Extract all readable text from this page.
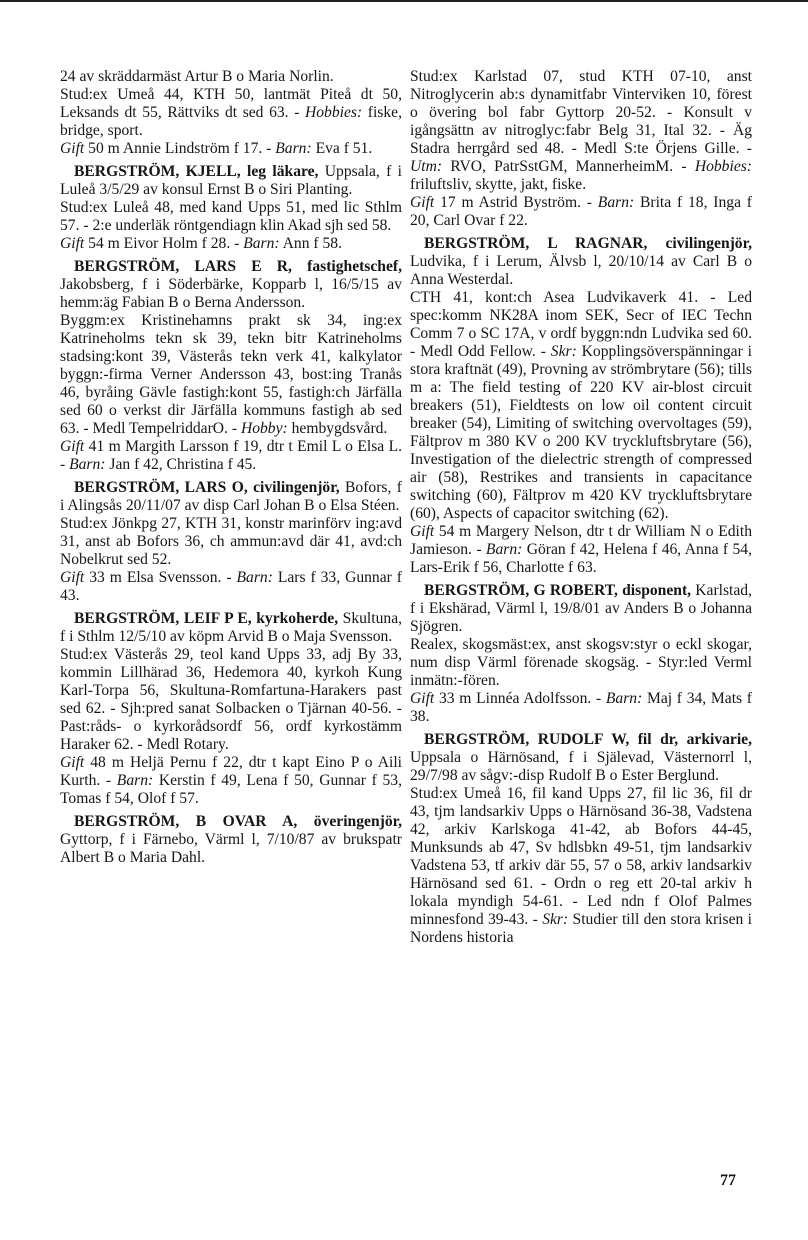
24 av skräddarmäst Artur B o Maria Norlin.

Stud:ex Umeå 44, KTH 50, lantmät Piteå dt 50, Leksands dt 55, Rättviks dt sed 63. - Hobbies: fiske, bridge, sport.

Gift 50 m Annie Lindström f 17. - Barn: Eva f 51.

BERGSTRÖM, KJELL, leg läkare, Uppsala, f i Luleå 3/5/29 av konsul Ernst B o Siri Planting.

Stud:ex Luleå 48, med kand Upps 51, med lic Sthlm 57. - 2:e underläk röntgendiagn klin Akad sjh sed 58.

Gift 54 m Eivor Holm f 28. - Barn: Ann f 58.

BERGSTRÖM, LARS E R, fastighetschef, Jakobsberg, f i Söderbärke, Kopparb l, 16/5/15 av hemm:äg Fabian B o Berna Andersson.

Byggm:ex Kristinehamns prakt sk 34, ing:ex Katrineholms tekn sk 39, tekn bitr Katrineholms stadsing:kont 39, Västerås tekn verk 41, kalkylator byggn:-firma Verner Andersson 43, bost:ing Tranås 46, byråing Gävle fastigh:kont 55, fastigh:ch Järfälla sed 60 o verkst dir Järfälla kommuns fastigh ab sed 63. - Medl TempelriddarO. - Hobby: hembygdsvård.

Gift 41 m Margith Larsson f 19, dtr t Emil L o Elsa L. - Barn: Jan f 42, Christina f 45.

BERGSTRÖM, LARS O, civilingenjör, Bofors, f i Alingsås 20/11/07 av disp Carl Johan B o Elsa Stéen.

Stud:ex Jönkpg 27, KTH 31, konstr marinförv ing:avd 31, anst ab Bofors 36, ch ammun:avd där 41, avd:ch Nobelkrut sed 52.

Gift 33 m Elsa Svensson. - Barn: Lars f 33, Gunnar f 43.

BERGSTRÖM, LEIF P E, kyrkoherde, Skultuna, f i Sthlm 12/5/10 av köpm Arvid B o Maja Svensson.

Stud:ex Västerås 29, teol kand Upps 33, adj By 33, kommin Lillhärad 36, Hedemora 40, kyrkoh Kung Karl-Torpa 56, Skultuna-Romfartuna-Harakers past sed 62. - Sjh:pred sanat Solbacken o Tjärnan 40-56. - Past:råds- o kyrkorådsordf 56, ordf kyrkostämm Haraker 62. - Medl Rotary.

Gift 48 m Heljä Pernu f 22, dtr t kapt Eino P o Aili Kurth. - Barn: Kerstin f 49, Lena f 50, Gunnar f 53, Tomas f 54, Olof f 57.

BERGSTRÖM, B OVAR A, överingenjör, Gyttorp, f i Färnebo, Värml l, 7/10/87 av brukspatr Albert B o Maria Dahl.

Stud:ex Karlstad 07, stud KTH 07-10, anst Nitroglycerin ab:s dynamitfabr Vinterviken 10, förest o övering bol fabr Gyttorp 20-52. - Konsult v igångsättn av nitroglyc:fabr Belg 31, Ital 32. - Äg Stadra herrgård sed 48. - Medl S:te Örjens Gille. - Utm: RVO, PatrSstGM, MannerheimM. - Hobbies: friluftsliv, skytte, jakt, fiske.

Gift 17 m Astrid Byström. - Barn: Brita f 18, Inga f 20, Carl Ovar f 22.

BERGSTRÖM, L RAGNAR, civilingenjör, Ludvika, f i Lerum, Älvsb l, 20/10/14 av Carl B o Anna Westerdal.

CTH 41, kont:ch Asea Ludvikaverk 41. - Led spec:komm NK28A inom SEK, Secr of IEC Techn Comm 7 o SC 17A, v ordf byggn:ndn Ludvika sed 60. - Medl Odd Fellow. - Skr: Kopplingsöverspänningar i stora kraftnät (49), Provning av strömbrytare (56); tills m a: The field testing of 220 KV air-blost circuit breakers (51), Fieldtests on low oil content circuit breaker (54), Limiting of switching overvoltages (59), Fältprov m 380 KV o 200 KV tryckluftsbrytare (56), Investigation of the dielectric strength of compressed air (58), Restrikes and transients in capacitance switching (60), Fältprov m 420 KV tryckluftsbrytare (60), Aspects of capacitor switching (62).

Gift 54 m Margery Nelson, dtr t dr William N o Edith Jamieson. - Barn: Göran f 42, Helena f 46, Anna f 54, Lars-Erik f 56, Charlotte f 63.

BERGSTRÖM, G ROBERT, disponent, Karlstad, f i Ekshärad, Värml l, 19/8/01 av Anders B o Johanna Sjögren.

Realex, skogsmäst:ex, anst skogsv:styr o eckl skogar, num disp Värml förenade skogsäg. - Styr:led Verml inmätn:-fören.

Gift 33 m Linnéa Adolfsson. - Barn: Maj f 34, Mats f 38.

BERGSTRÖM, RUDOLF W, fil dr, arkivarie, Uppsala o Härnösand, f i Själevad, Västernorrl l, 29/7/98 av sågv:-disp Rudolf B o Ester Berglund.

Stud:ex Umeå 16, fil kand Upps 27, fil lic 36, fil dr 43, tjm landsarkiv Upps o Härnösand 36-38, Vadstena 42, arkiv Karlskoga 41-42, ab Bofors 44-45, Munksunds ab 47, Sv hdlsbkn 49-51, tjm landsarkiv Vadstena 53, tf arkiv där 55, 57 o 58, arkiv landsarkiv Härnösand sed 61. - Ordn o reg ett 20-tal arkiv h lokala myndigh 54-61. - Led ndn f Olof Palmes minnesfond 39-43. - Skr: Studier till den stora krisen i Nordens historia

77
